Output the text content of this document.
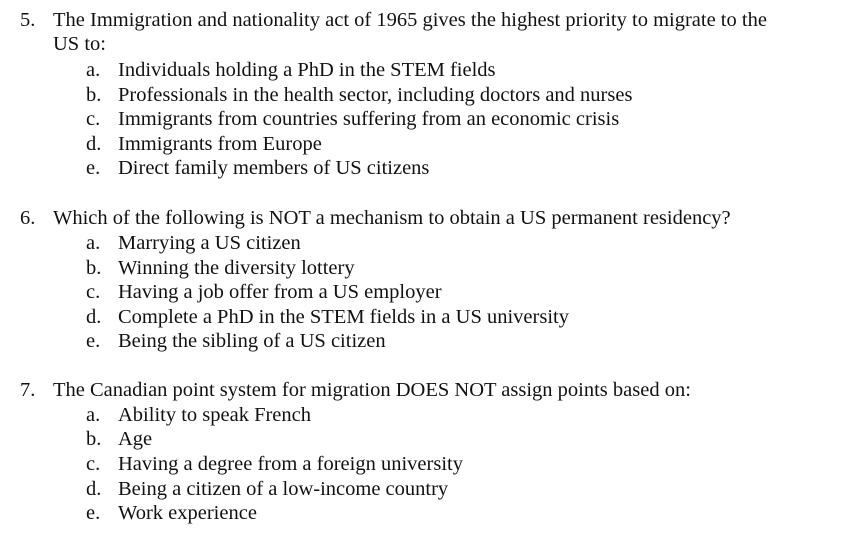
5. The Immigration and nationality act of 1965 gives the highest priority to migrate to the
US to:
a. Individuals holding a PhD in the STEM fields
b. Professionals in the health sector, including doctors and nurses
c. Immigrants from countries suffering from an economic crisis
d. Immigrants from Europe
e. Direct family members of US citizens
6. Which of the following is NOT a mechanism to obtain a US permanent residency?
a. Marrying a US citizen
b. Winning the diversity lottery
c. Having a job offer from a US employer
d. Complete a PhD in the STEM fields in a US university
e. Being the sibling of a US citizen
7. The Canadian point system for migration DOES NOT assign points based on:
a. Ability to speak French
b. Age
c. Having a degree from a foreign university
d. Being a citizen of a low-income country
e. Work experience
